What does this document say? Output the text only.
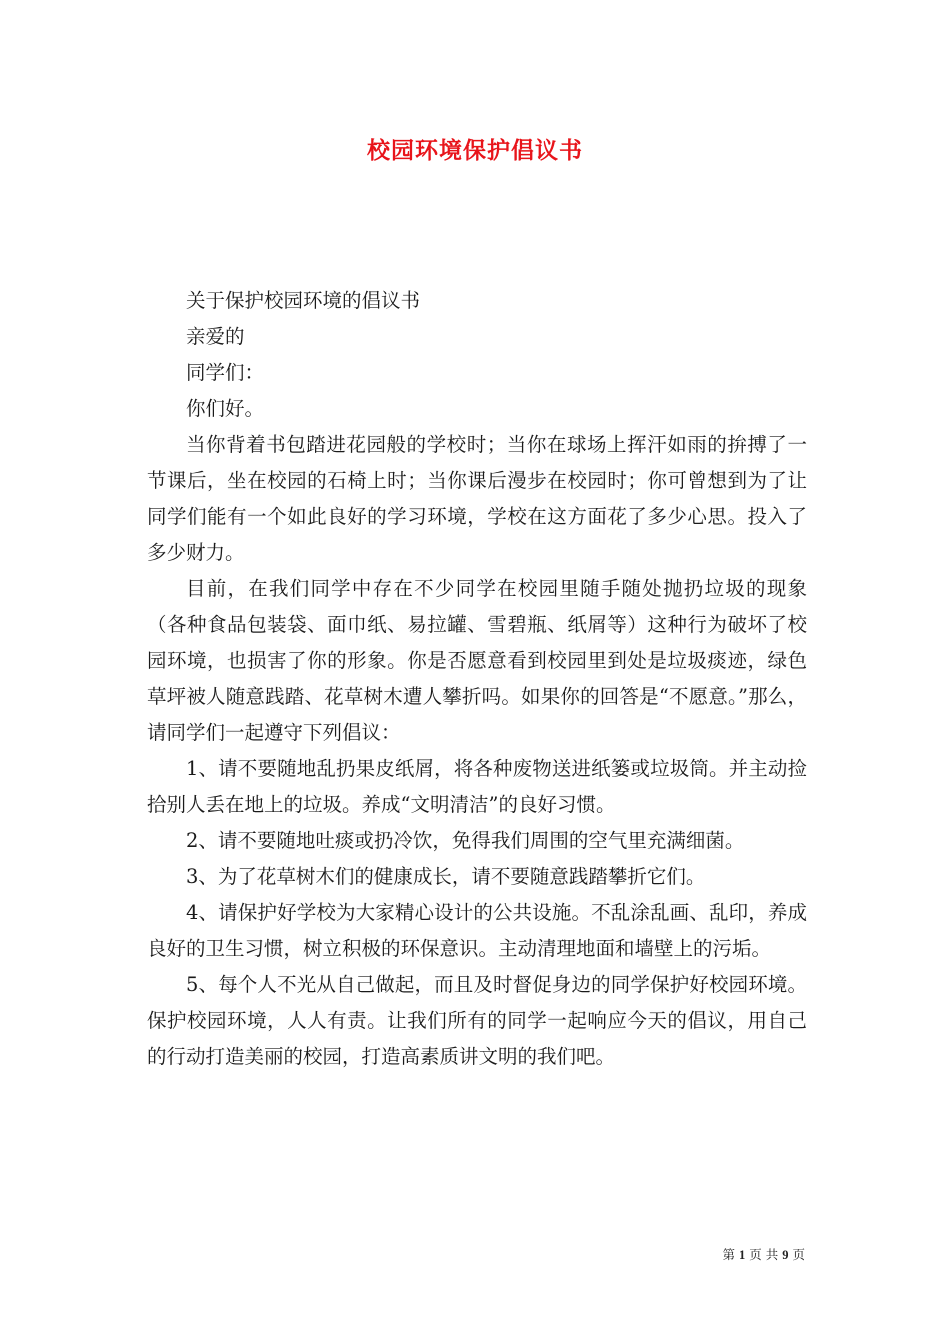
校园环境保护倡议书

关于保护校园环境的倡议书

亲爱的

同学们：

你们好。

当你背着书包踏进花园般的学校时；当你在球场上挥汗如雨的拚搏了一节课后，坐在校园的石椅上时；当你课后漫步在校园时；你可曾想到为了让同学们能有一个如此良好的学习环境，学校在这方面花了多少心思。投入了多少财力。

目前，在我们同学中存在不少同学在校园里随手随处抛扔垃圾的现象（各种食品包装袋、面巾纸、易拉罐、雪碧瓶、纸屑等）这种行为破坏了校园环境，也损害了你的形象。你是否愿意看到校园里到处是垃圾痰迹，绿色草坪被人随意践踏、花草树木遭人攀折吗。如果你的回答是“不愿意。”那么，请同学们一起遵守下列倡议：

1、请不要随地乱扔果皮纸屑，将各种废物送进纸篓或垃圾筒。并主动捡拾别人丢在地上的垃圾。养成“文明清洁”的良好习惯。

2、请不要随地吐痰或扔冷饮，免得我们周围的空气里充满细菌。

3、为了花草树木们的健康成长，请不要随意践踏攀折它们。

4、请保护好学校为大家精心设计的公共设施。不乱涂乱画、乱印，养成良好的卫生习惯，树立积极的环保意识。主动清理地面和墙壁上的污垢。

5、每个人不光从自己做起，而且及时督促身边的同学保护好校园环境。保护校园环境，人人有责。让我们所有的同学一起响应今天的倡议，用自己的行动打造美丽的校园，打造高素质讲文明的我们吧。

第 1 页 共 9 页
